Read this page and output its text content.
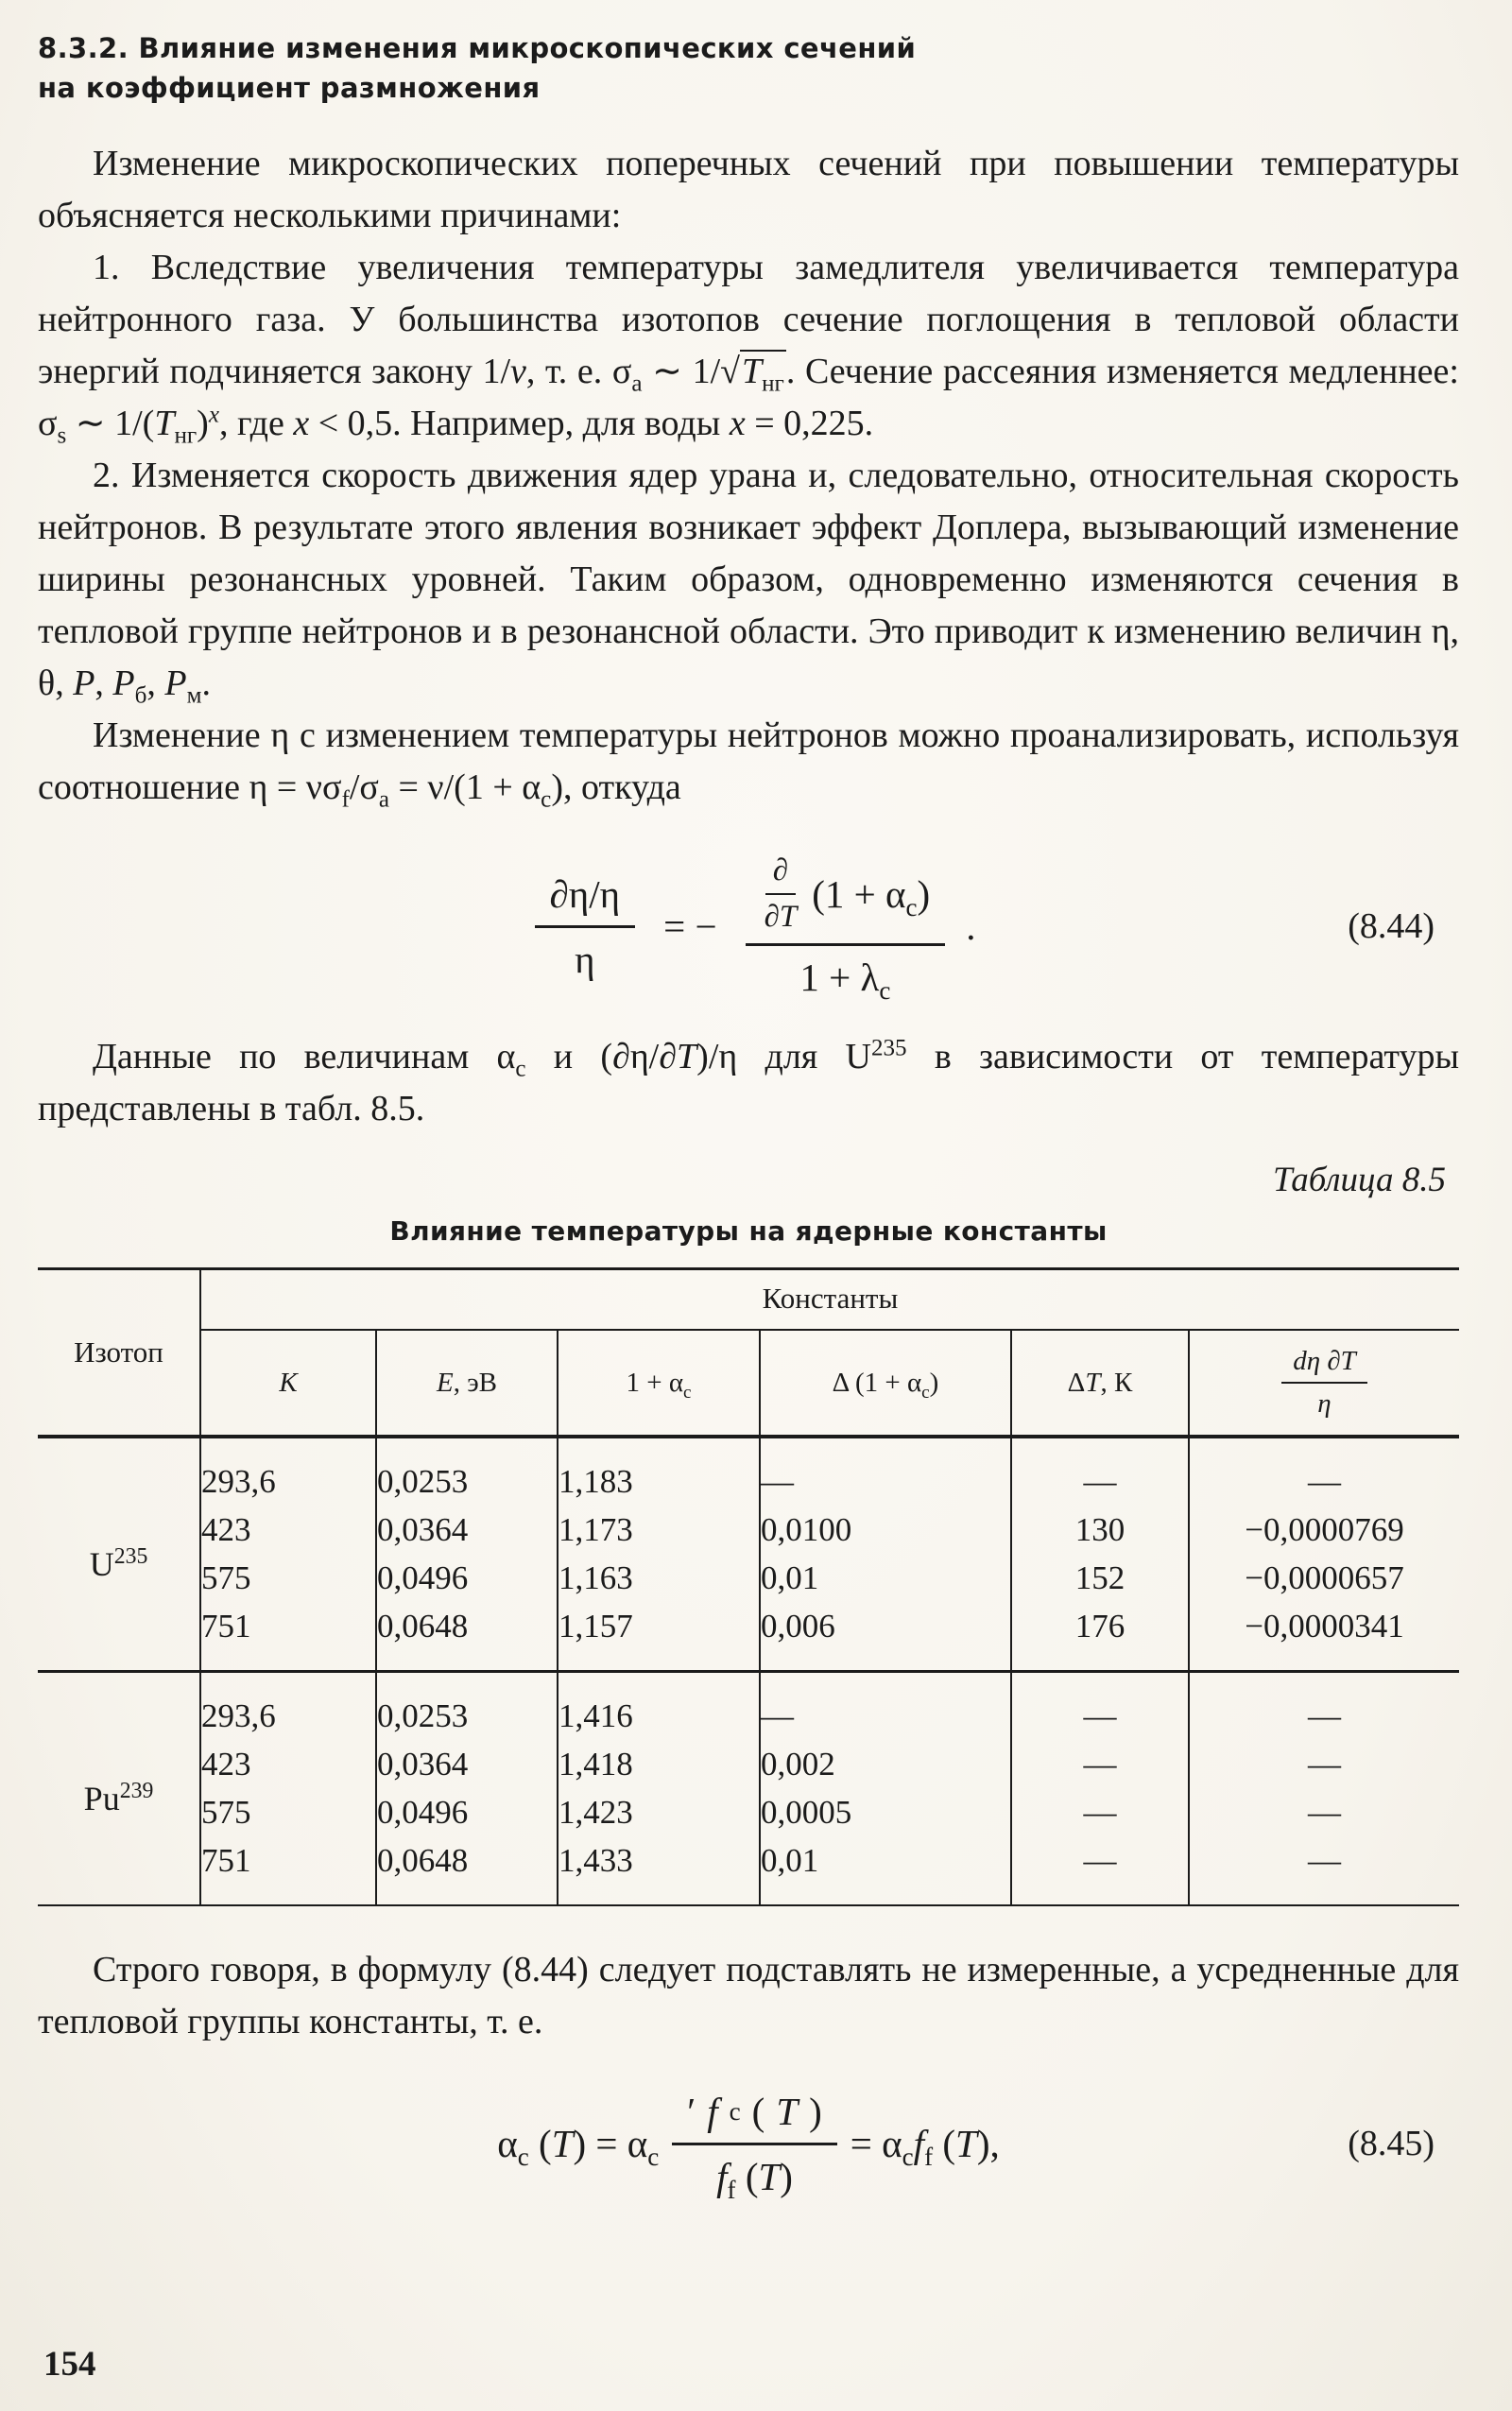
8.3.2. Влияние изменения микроскопических сечений
на коэффициент размножения

Изменение микроскопических поперечных сечений при повышении температуры объясняется несколькими причинами:

1. Вследствие увеличения температуры замедлителя увеличивается температура нейтронного газа. У большинства изотопов сечение поглощения в тепловой области энергий подчиняется закону 1/v, т. е. $\sigma_a$ ∼ $1/√T_{нг}$. Сечение рассеяния изменяется медленнее: $\sigma_s$ ∼ $1/(T_{нг})^x$, где x < 0,5. Например, для воды x = 0,225.

2. Изменяется скорость движения ядер урана и, следовательно, относительная скорость нейтронов. В результате этого явления возникает эффект Доплера, вызывающий изменение ширины резонансных уровней. Таким образом, одновременно изменяются сечения в тепловой группе нейтронов и в резонансной области. Это приводит к изменению величин η, θ, P, $P_б$, $P_м$.

Изменение η с изменением температуры нейтронов можно проанализировать, используя соотношение $\eta = \nu\sigma_f/\sigma_a = \nu/(1 + \alpha_c)$, откуда

$\frac{\partial\eta/\eta}{\eta}$ = − $\frac{\frac{\partial}{\partial T} (1 + \alpha_c)}{1 + \lambda_c}$ .	(8.44)

Данные по величинам $\alpha_c$ и (∂η/∂T)/η для $U^{235}$ в зависимости от температуры представлены в табл. 8.5.

Таблица 8.5
Влияние температуры на ядерные константы
Изотоп	Константы					
	K	E, эВ	$1 + \alpha_c$	Δ $(1 + \alpha_c)$	ΔT, К	$\frac{d\eta \partial T}{\eta}$

$U^{235}$	293,6	0,0253	1,183	—	—	—
	423	0,0364	1,173	0,0100	130	−0,0000769
	575	0,0496	1,163	0,01	152	−0,0000657
	751	0,0648	1,157	0,006	176	−0,0000341
Pu$^{239}$	293,6	0,0253	1,416	—	—	—
	423	0,0364	1,418	0,002	—	—
	575	0,0496	1,423	0,0005	—	—
	751	0,0648	1,433	0,01	—	—

Строго говоря, в формулу (8.44) следует подставлять не измеренные, а усредненные для тепловой группы константы, т. е.

$\alpha_c$ $(T) = \alpha_c \frac{\text{′ f c ( T )}}{f_f (T)} = \alpha_cf_f$ (T),	(8.45)
154
